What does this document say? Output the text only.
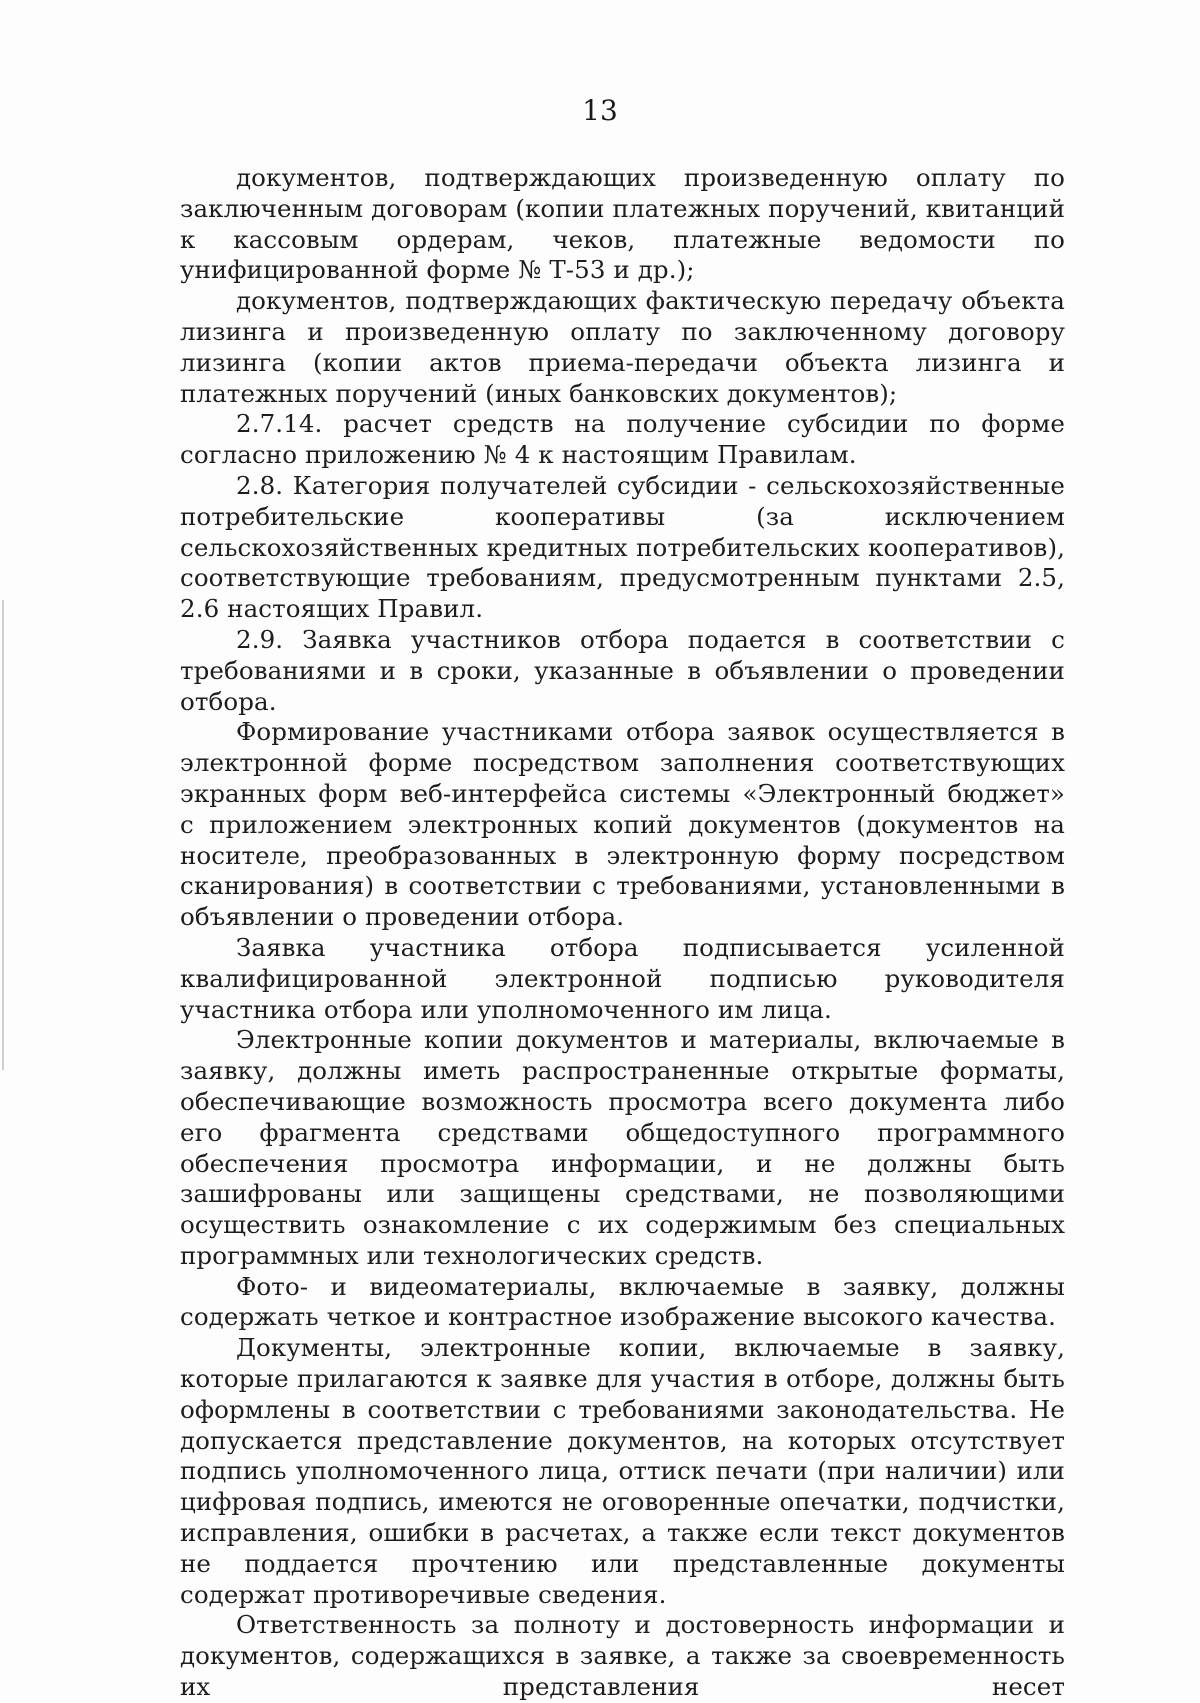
13

документов, подтверждающих произведенную оплату по заключенным договорам (копии платежных поручений, квитанций к кассовым ордерам, чеков, платежные ведомости по унифицированной форме № Т-53 и др.);

документов, подтверждающих фактическую передачу объекта лизинга и произведенную оплату по заключенному договору лизинга (копии актов приема-передачи объекта лизинга и платежных поручений (иных банковских документов);

2.7.14. расчет средств на получение субсидии по форме согласно приложению № 4 к настоящим Правилам.

2.8. Категория получателей субсидии - сельскохозяйственные потребительские кооперативы (за исключением сельскохозяйственных кредитных потребительских кооперативов), соответствующие требованиям, предусмотренным пунктами 2.5, 2.6 настоящих Правил.

2.9. Заявка участников отбора подается в соответствии с требованиями и в сроки, указанные в объявлении о проведении отбора.

Формирование участниками отбора заявок осуществляется в электронной форме посредством заполнения соответствующих экранных форм веб-интерфейса системы «Электронный бюджет» с приложением электронных копий документов (документов на носителе, преобразованных в электронную форму посредством сканирования) в соответствии с требованиями, установленными в объявлении о проведении отбора.

Заявка участника отбора подписывается усиленной квалифицированной электронной подписью руководителя участника отбора или уполномоченного им лица.

Электронные копии документов и материалы, включаемые в заявку, должны иметь распространенные открытые форматы, обеспечивающие возможность просмотра всего документа либо его фрагмента средствами общедоступного программного обеспечения просмотра информации, и не должны быть зашифрованы или защищены средствами, не позволяющими осуществить ознакомление с их содержимым без специальных программных или технологических средств.

Фото- и видеоматериалы, включаемые в заявку, должны содержать четкое и контрастное изображение высокого качества.

Документы, электронные копии, включаемые в заявку, которые прилагаются к заявке для участия в отборе, должны быть оформлены в соответствии с требованиями законодательства. Не допускается представление документов, на которых отсутствует подпись уполномоченного лица, оттиск печати (при наличии) или цифровая подпись, имеются не оговоренные опечатки, подчистки, исправления, ошибки в расчетах, а также если текст документов не поддается прочтению или представленные документы содержат противоречивые сведения.

Ответственность за полноту и достоверность информации и документов, содержащихся в заявке, а также за своевременность их представления несет
